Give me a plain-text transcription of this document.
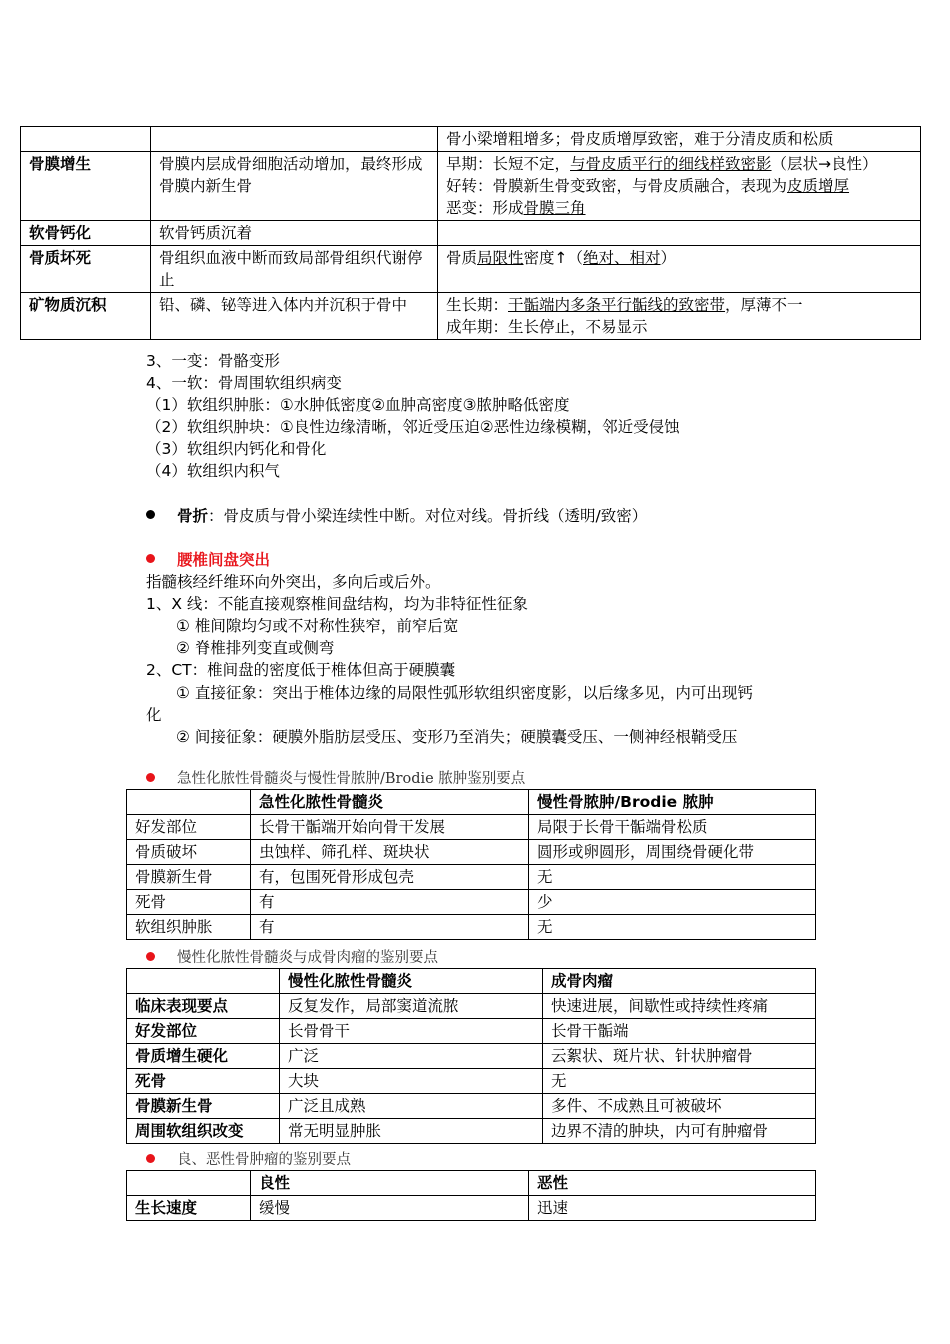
		骨小梁增粗增多；骨皮质增厚致密，难于分清皮质和松质
骨膜增生	骨膜内层成骨细胞活动增加，最终形成骨膜内新生骨	早期：长短不定，与骨皮质平行的细线样致密影（层状→良性）
好转：骨膜新生骨变致密，与骨皮质融合，表现为皮质增厚
恶变：形成骨膜三角

软骨钙化	软骨钙质沉着	
骨质坏死	骨组织血液中断而致局部骨组织代谢停止	骨质局限性密度↑（绝对、相对）
矿物质沉积	铅、磷、铋等进入体内并沉积于骨中	生长期：干骺端内多条平行骺线的致密带，厚薄不一
成年期：生长停止，不易显示
3、一变：骨骼变形
4、一软：骨周围软组织病变
（1）软组织肿胀：①水肿低密度②血肿高密度③脓肿略低密度
（2）软组织肿块：①良性边缘清晰，邻近受压迫②恶性边缘模糊，邻近受侵蚀
（3）软组织内钙化和骨化
（4）软组织内积气
骨折：骨皮质与骨小梁连续性中断。对位对线。骨折线（透明/致密）
腰椎间盘突出
指髓核经纤维环向外突出，多向后或后外。
1、X 线：不能直接观察椎间盘结构，均为非特征性征象
① 椎间隙均匀或不对称性狭窄，前窄后宽
② 脊椎排列变直或侧弯
2、CT：椎间盘的密度低于椎体但高于硬膜囊
① 直接征象：突出于椎体边缘的局限性弧形软组织密度影，以后缘多见，内可出现钙
化
② 间接征象：硬膜外脂肪层受压、变形乃至消失；硬膜囊受压、一侧神经根鞘受压
急性化脓性骨髓炎与慢性骨脓肿/Brodie 脓肿鉴别要点
	急性化脓性骨髓炎	慢性骨脓肿/Brodie 脓肿
好发部位	长骨干骺端开始向骨干发展	局限于长骨干骺端骨松质
骨质破坏	虫蚀样、筛孔样、斑块状	圆形或卵圆形，周围绕骨硬化带
骨膜新生骨	有，包围死骨形成包壳	无
死骨	有	少
软组织肿胀	有	无
慢性化脓性骨髓炎与成骨肉瘤的鉴别要点
	慢性化脓性骨髓炎	成骨肉瘤
临床表现要点	反复发作，局部窦道流脓	快速进展，间歇性或持续性疼痛
好发部位	长骨骨干	长骨干骺端
骨质增生硬化	广泛	云絮状、斑片状、针状肿瘤骨
死骨	大块	无
骨膜新生骨	广泛且成熟	多件、不成熟且可被破坏
周围软组织改变	常无明显肿胀	边界不清的肿块，内可有肿瘤骨
良、恶性骨肿瘤的鉴别要点
	良性	恶性
生长速度	缓慢	迅速
